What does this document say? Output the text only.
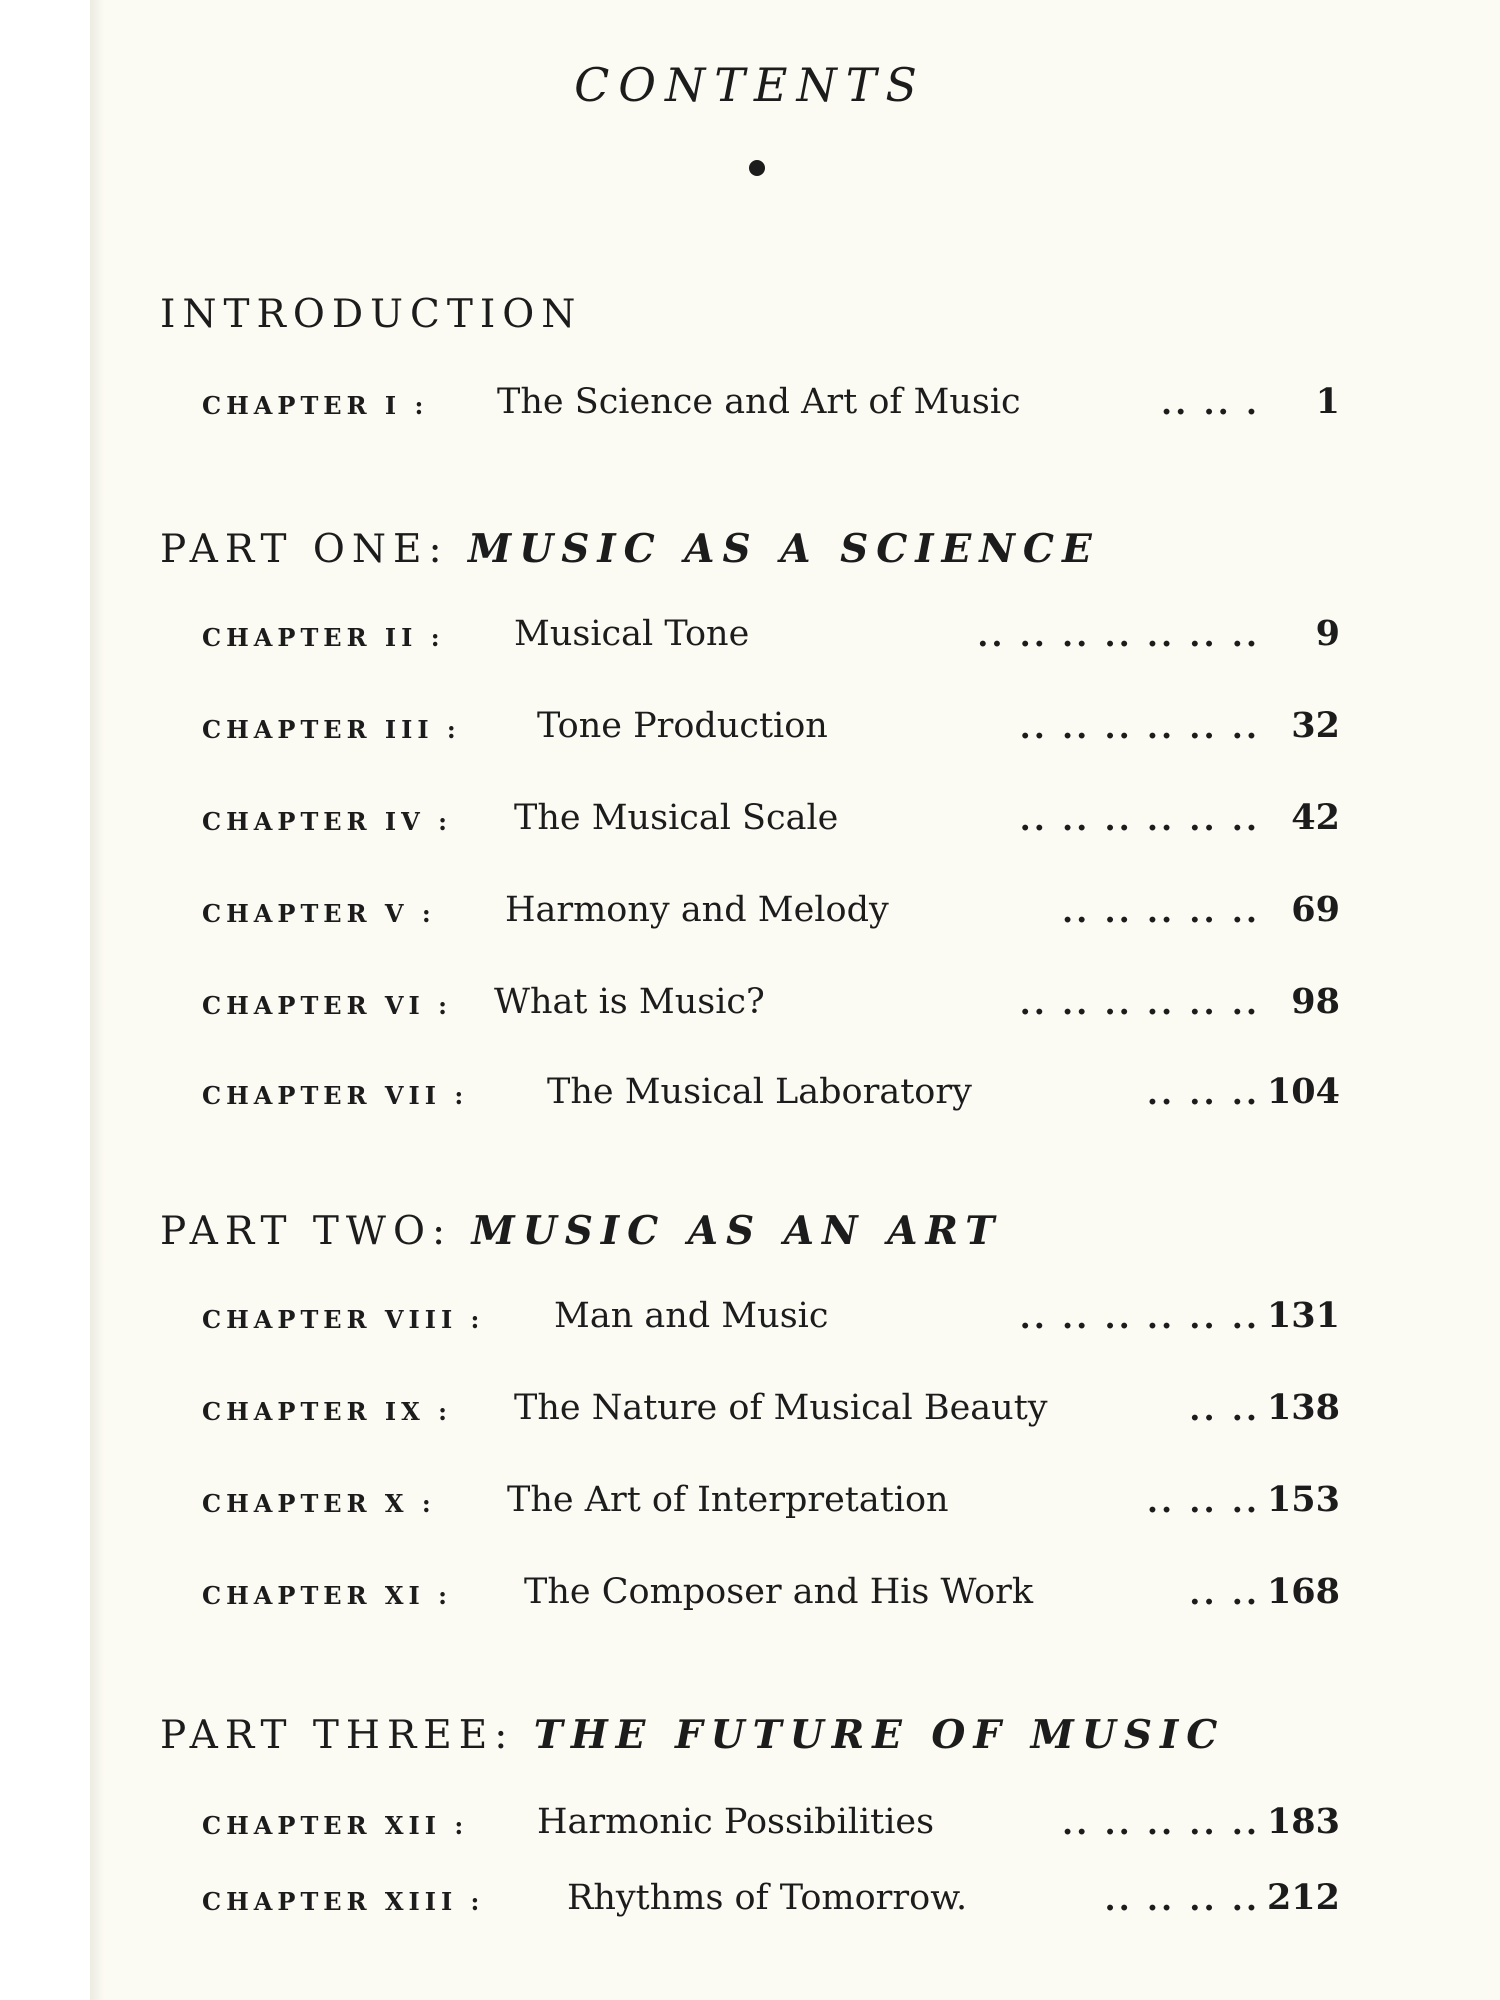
CONTENTS
INTRODUCTION
CHAPTER I : The Science and Art of Music	.. .. . 1
PART ONE: MUSIC AS A SCIENCE
CHAPTER II : Musical Tone	.. .. .. .. .. .. .. 9
CHAPTER III : Tone Production	.. .. .. .. .. .. 32
CHAPTER IV : The Musical Scale	.. .. .. .. .. .. 42
CHAPTER V : Harmony and Melody	.. .. .. .. .. 69
CHAPTER VI : What is Music?	.. .. .. .. .. .. 98
CHAPTER VII : The Musical Laboratory	.. .. .. 104
PART TWO: MUSIC AS AN ART
CHAPTER VIII : Man and Music	.. .. .. .. .. .. 131
CHAPTER IX : The Nature of Musical Beauty	.. .. 138
CHAPTER X : The Art of Interpretation	.. .. .. 153
CHAPTER XI : The Composer and His Work	.. .. 168
PART THREE: THE FUTURE OF MUSIC
CHAPTER XII : Harmonic Possibilities	.. .. .. .. .. 183
CHAPTER XIII : Rhythms of Tomorrow.	.. .. .. .. 212
